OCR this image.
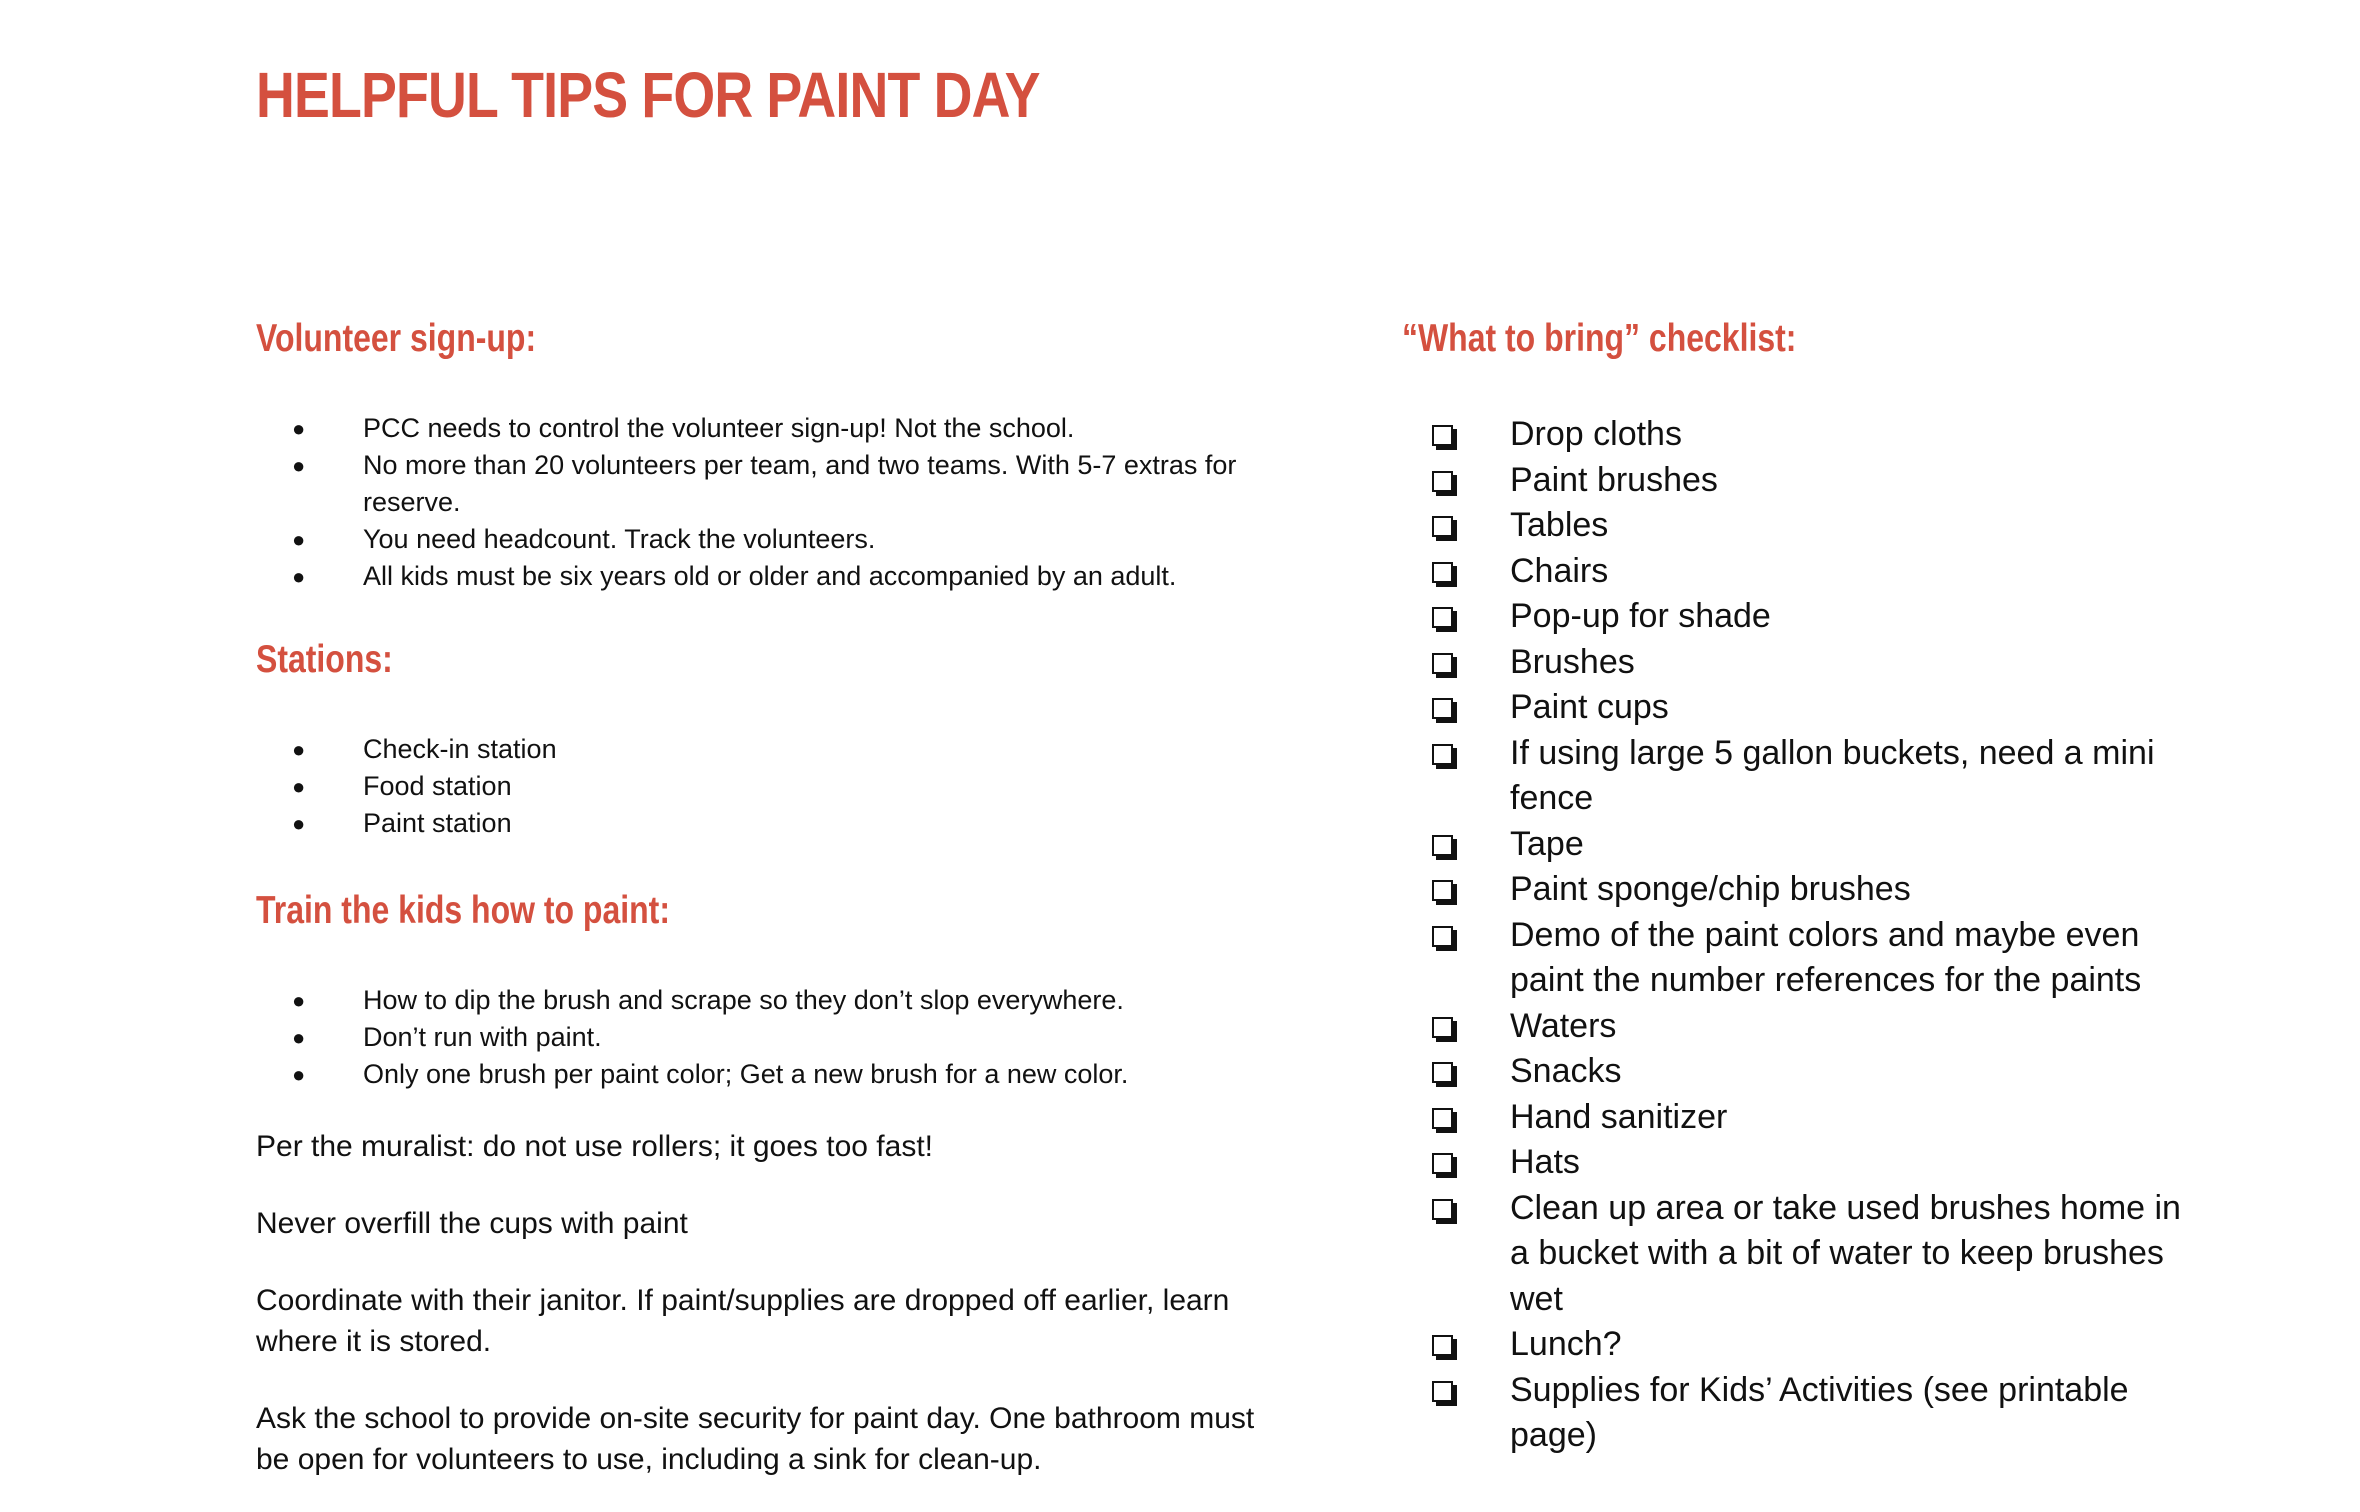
HELPFUL TIPS FOR PAINT DAY
Volunteer sign-up:
● PCC needs to control the volunteer sign-up! Not the school.
● No more than 20 volunteers per team, and two teams. With 5-7 extras for reserve.
● You need headcount. Track the volunteers.
● All kids must be six years old or older and accompanied by an adult.
Stations:
● Check-in station
● Food station
● Paint station
Train the kids how to paint:
● How to dip the brush and scrape so they don’t slop everywhere.
● Don’t run with paint.
● Only one brush per paint color; Get a new brush for a new color.

Per the muralist: do not use rollers; it goes too fast!

Never overfill the cups with paint

Coordinate with their janitor. If paint/supplies are dropped off earlier, learn where it is stored.

Ask the school to provide on-site security for paint day. One bathroom must be open for volunteers to use, including a sink for clean-up.

“What to bring” checklist:
Drop cloths
Paint brushes
Tables
Chairs
Pop-up for shade
Brushes
Paint cups
If using large 5 gallon buckets, need a mini fence
Tape
Paint sponge/chip brushes
Demo of the paint colors and maybe even paint the number references for the paints
Waters
Snacks
Hand sanitizer
Hats
Clean up area or take used brushes home in a bucket with a bit of water to keep brushes wet
Lunch?
Supplies for Kids’ Activities (see printable page)
